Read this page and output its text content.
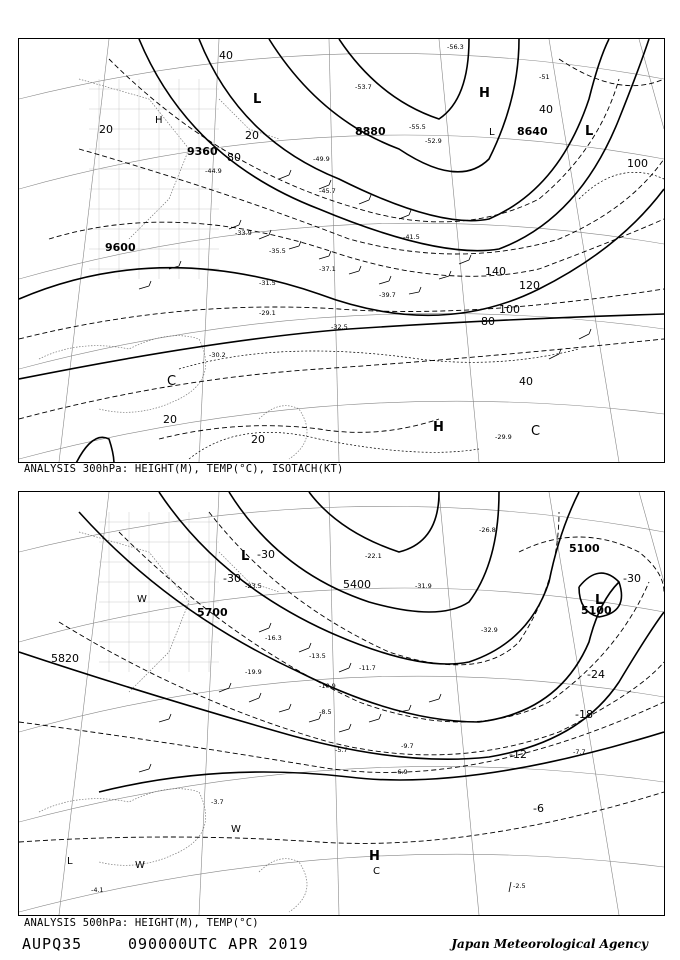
9360
9600
8880	8640
20
40
80	100
120
140
20
80
40
20
20
40
100
H
L
L
H
C
C
H
L
-44.9
-49.9
-45.7
-41.5
-39.7
-37.1
-35.5
-33.9
-31.5
-29.1
-55.5
-56.3
-51
-53.7
-52.9
-32.5
-30.2
-29.9
ANALYSIS 300hPa: HEIGHT(M), TEMP(°C), ISOTACH(KT)
5820
5700
5400
5100
5100
-30
-30
-24
-18
-12
-6
-30
L
L
W
W
W
H
C
L
-16.3
-13.5
-10.9
-8.5
-5.7
-11.7
-22.1
-31.9
-32.9
-23.5
-26.8
-9.7
-7.7
-6.9
-3.7
-4.1	-2.5
-19.9
ANALYSIS 500hPa: HEIGHT(M), TEMP(°C)
AUPQ35	090000UTC APR 2019	Japan Meteorological Agency
